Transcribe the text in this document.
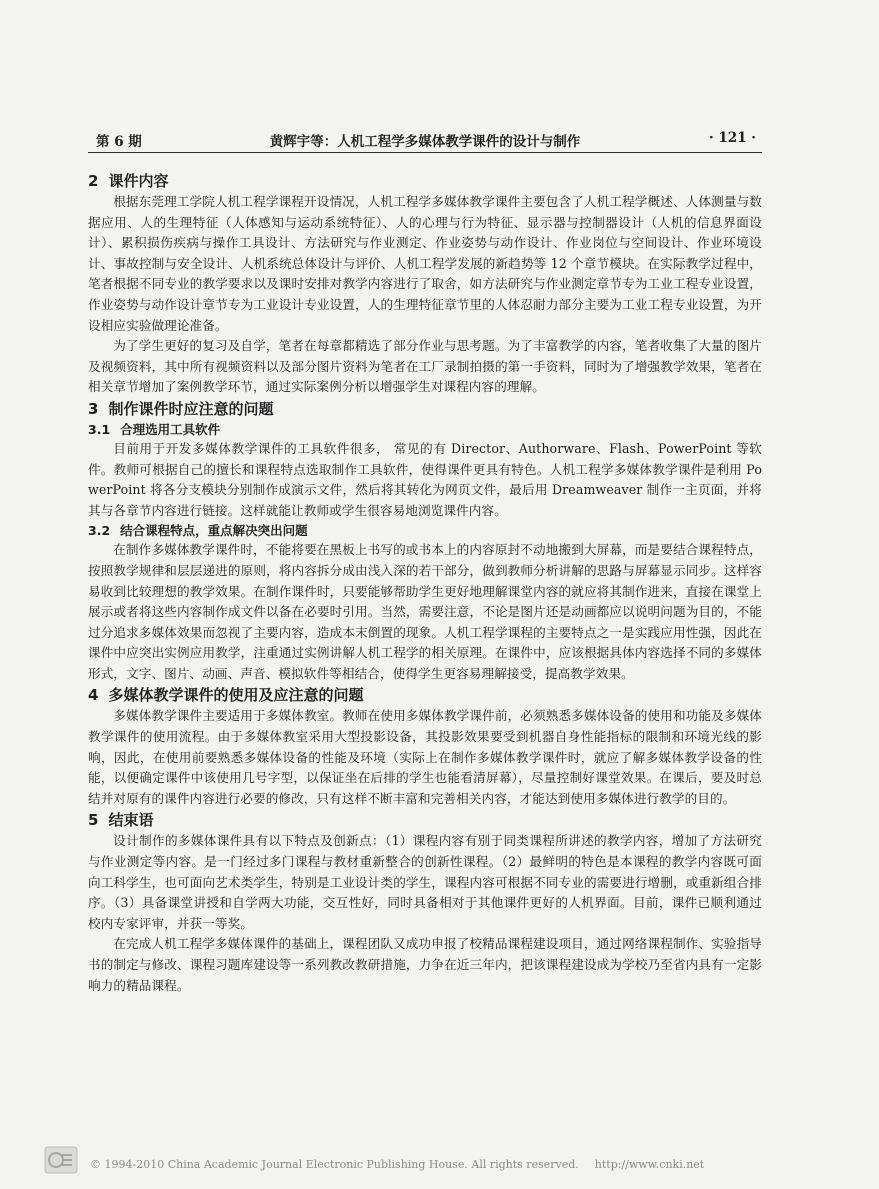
第 6 期	黄辉宇等：人机工程学多媒体教学课件的设计与制作	· 121 ·
2 课件内容

根据东莞理工学院人机工程学课程开设情况，人机工程学多媒体教学课件主要包含了人机工程学概述、人体测量与数据应用、人的生理特征（人体感知与运动系统特征）、人的心理与行为特征、显示器与控制器设计（人机的信息界面设计）、累积损伤疾病与操作工具设计、方法研究与作业测定、作业姿势与动作设计、作业岗位与空间设计、作业环境设计、事故控制与安全设计、人机系统总体设计与评价、人机工程学发展的新趋势等 12 个章节模块。在实际教学过程中，笔者根据不同专业的教学要求以及课时安排对教学内容进行了取舍，如方法研究与作业测定章节专为工业工程专业设置，作业姿势与动作设计章节专为工业设计专业设置，人的生理特征章节里的人体忍耐力部分主要为工业工程专业设置，为开设相应实验做理论准备。

为了学生更好的复习及自学，笔者在每章都精选了部分作业与思考题。为了丰富教学的内容，笔者收集了大量的图片及视频资料，其中所有视频资料以及部分图片资料为笔者在工厂录制拍摄的第一手资料，同时为了增强教学效果，笔者在相关章节增加了案例教学环节，通过实际案例分析以增强学生对课程内容的理解。

3 制作课件时应注意的问题
3.1 合理选用工具软件

目前用于开发多媒体教学课件的工具软件很多， 常见的有 Director、Authorware、Flash、PowerPoint 等软件。教师可根据自己的擅长和课程特点选取制作工具软件，使得课件更具有特色。人机工程学多媒体教学课件是利用 PowerPoint 将各分支模块分别制作成演示文件，然后将其转化为网页文件，最后用 Dreamweaver 制作一主页面，并将其与各章节内容进行链接。这样就能让教师或学生很容易地浏览课件内容。

3.2 结合课程特点，重点解决突出问题

在制作多媒体教学课件时，不能将要在黑板上书写的或书本上的内容原封不动地搬到大屏幕，而是要结合课程特点，按照教学规律和层层递进的原则，将内容拆分成由浅入深的若干部分，做到教师分析讲解的思路与屏幕显示同步。这样容易收到比较理想的教学效果。在制作课件时，只要能够帮助学生更好地理解课堂内容的就应将其制作进来，直接在课堂上展示或者将这些内容制作成文件以备在必要时引用。当然，需要注意，不论是图片还是动画都应以说明问题为目的，不能过分追求多媒体效果而忽视了主要内容，造成本末倒置的现象。人机工程学课程的主要特点之一是实践应用性强，因此在课件中应突出实例应用教学，注重通过实例讲解人机工程学的相关原理。在课件中，应该根据具体内容选择不同的多媒体形式，文字、图片、动画、声音、模拟软件等相结合，使得学生更容易理解接受，提高教学效果。

4 多媒体教学课件的使用及应注意的问题

多媒体教学课件主要适用于多媒体教室。教师在使用多媒体教学课件前，必须熟悉多媒体设备的使用和功能及多媒体教学课件的使用流程。由于多媒体教室采用大型投影设备，其投影效果要受到机器自身性能指标的限制和环境光线的影响，因此，在使用前要熟悉多媒体设备的性能及环境（实际上在制作多媒体教学课件时，就应了解多媒体教学设备的性能，以便确定课件中该使用几号字型，以保证坐在后排的学生也能看清屏幕），尽量控制好课堂效果。在课后，要及时总结并对原有的课件内容进行必要的修改，只有这样不断丰富和完善相关内容，才能达到使用多媒体进行教学的目的。

5 结束语

设计制作的多媒体课件具有以下特点及创新点：（1）课程内容有别于同类课程所讲述的教学内容，增加了方法研究与作业测定等内容。是一门经过多门课程与教材重新整合的创新性课程。（2）最鲜明的特色是本课程的教学内容既可面向工科学生，也可面向艺术类学生，特别是工业设计类的学生，课程内容可根据不同专业的需要进行增删，或重新组合排序。（3）具备课堂讲授和自学两大功能，交互性好，同时具备相对于其他课件更好的人机界面。目前，课件已顺利通过校内专家评审，并获一等奖。

在完成人机工程学多媒体课件的基础上，课程团队又成功申报了校精品课程建设项目，通过网络课程制作、实验指导书的制定与修改、课程习题库建设等一系列教改教研措施，力争在近三年内，把该课程建设成为学校乃至省内具有一定影响力的精品课程。

© 1994-2010 China Academic Journal Electronic Publishing House. All rights reserved. http://www.cnki.net
